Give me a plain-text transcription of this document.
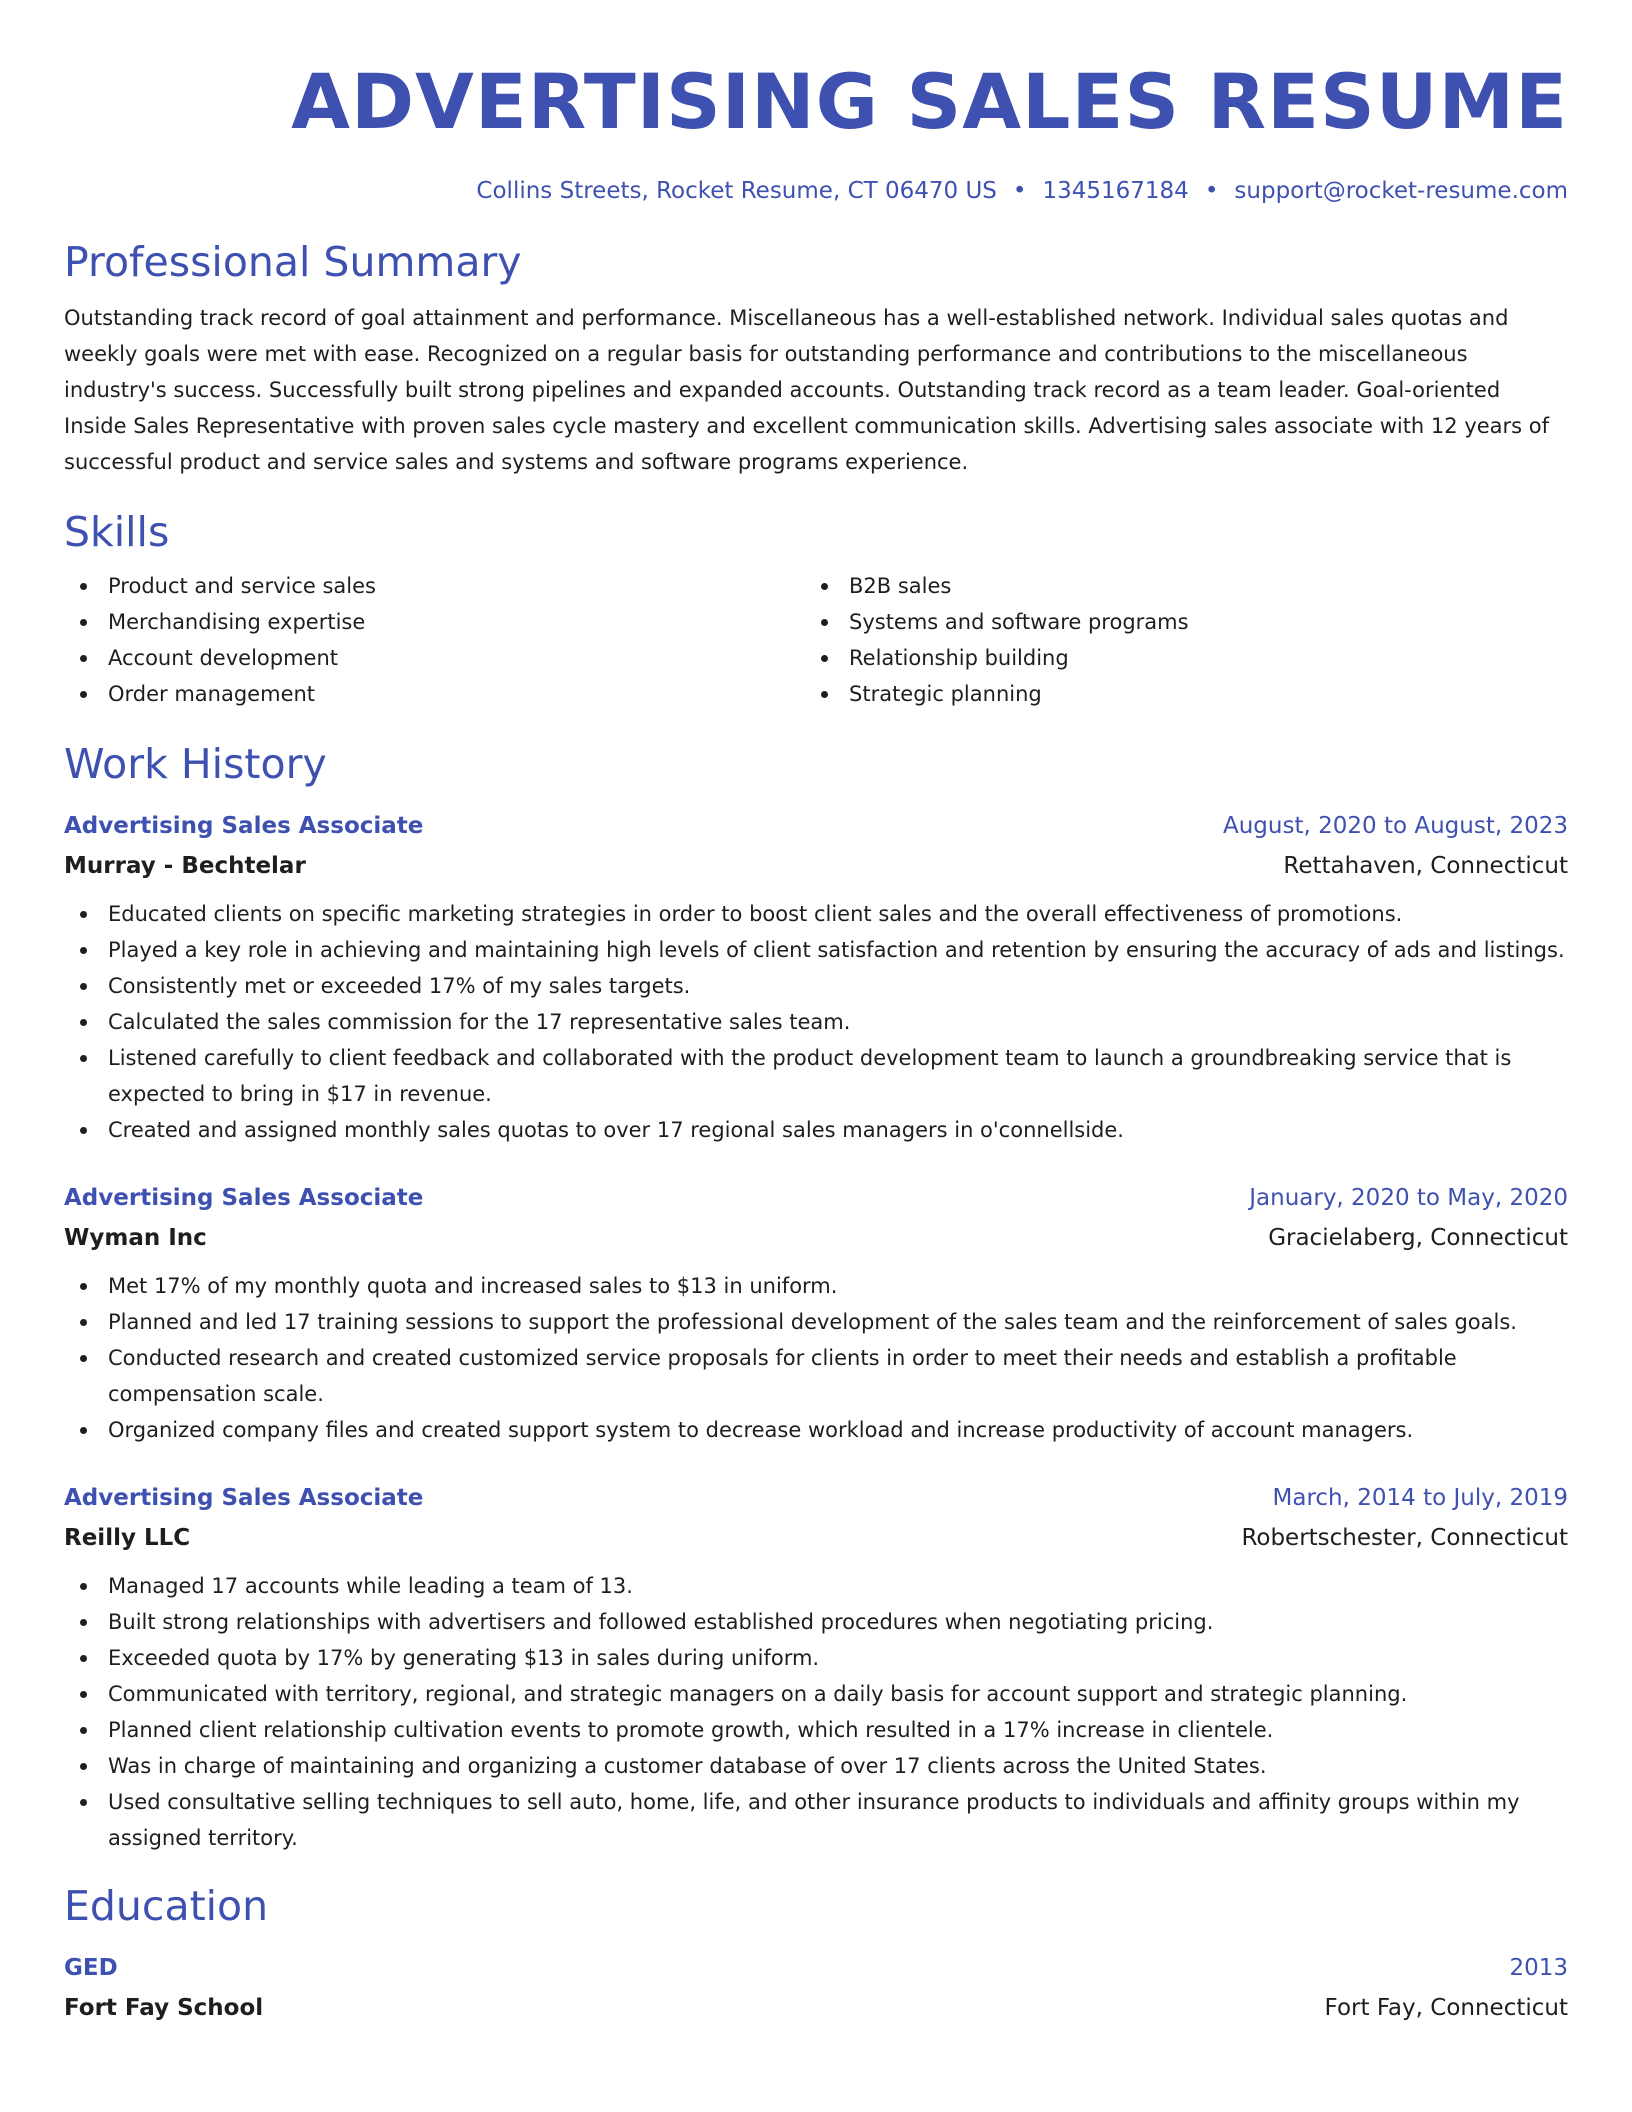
ADVERTISING SALES RESUME
Collins Streets, Rocket Resume, CT 06470 US • 1345167184 • support@rocket-resume.com
Professional Summary
Outstanding track record of goal attainment and performance. Miscellaneous has a well-established network. Individual sales quotas and weekly goals were met with ease. Recognized on a regular basis for outstanding performance and contributions to the miscellaneous industry's success. Successfully built strong pipelines and expanded accounts. Outstanding track record as a team leader. Goal-oriented Inside Sales Representative with proven sales cycle mastery and excellent communication skills. Advertising sales associate with 12 years of successful product and service sales and systems and software programs experience.
Skills
Product and service sales
Merchandising expertise
Account development
Order management
B2B sales
Systems and software programs
Relationship building
Strategic planning
Work History
Advertising Sales Associate	August, 2020 to August, 2023
Murray - Bechtelar	Rettahaven, Connecticut
Educated clients on specific marketing strategies in order to boost client sales and the overall effectiveness of promotions.
Played a key role in achieving and maintaining high levels of client satisfaction and retention by ensuring the accuracy of ads and listings.
Consistently met or exceeded 17% of my sales targets.
Calculated the sales commission for the 17 representative sales team.
Listened carefully to client feedback and collaborated with the product development team to launch a groundbreaking service that is expected to bring in $17 in revenue.
Created and assigned monthly sales quotas to over 17 regional sales managers in o'connellside.
Advertising Sales Associate	January, 2020 to May, 2020
Wyman Inc	Gracielaberg, Connecticut
Met 17% of my monthly quota and increased sales to $13 in uniform.
Planned and led 17 training sessions to support the professional development of the sales team and the reinforcement of sales goals.
Conducted research and created customized service proposals for clients in order to meet their needs and establish a profitable compensation scale.
Organized company files and created support system to decrease workload and increase productivity of account managers.
Advertising Sales Associate	March, 2014 to July, 2019
Reilly LLC	Robertschester, Connecticut
Managed 17 accounts while leading a team of 13.
Built strong relationships with advertisers and followed established procedures when negotiating pricing.
Exceeded quota by 17% by generating $13 in sales during uniform.
Communicated with territory, regional, and strategic managers on a daily basis for account support and strategic planning.
Planned client relationship cultivation events to promote growth, which resulted in a 17% increase in clientele.
Was in charge of maintaining and organizing a customer database of over 17 clients across the United States.
Used consultative selling techniques to sell auto, home, life, and other insurance products to individuals and affinity groups within my assigned territory.
Education
GED	2013
Fort Fay School	Fort Fay, Connecticut
